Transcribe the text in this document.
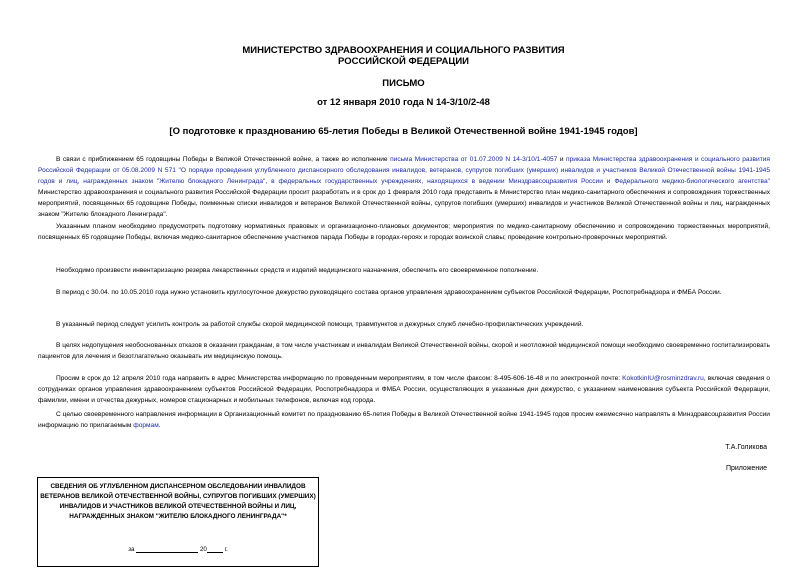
МИНИСТЕРСТВО ЗДРАВООХРАНЕНИЯ И СОЦИАЛЬНОГО РАЗВИТИЯ
РОССИЙСКОЙ ФЕДЕРАЦИИ
ПИСЬМО
от 12 января 2010 года N 14-3/10/2-48
[О подготовке к празднованию 65-летия Победы в Великой Отечественной войне 1941-1945 годов]
В связи с приближением 65 годовщины Победы в Великой Отечественной войне, а также во исполнение письма Министерства от 01.07.2009 N 14-3/10/1-4057 и приказа Министерства здравоохранения и социального развития Российской Федерации от 05.08.2009 N 571 "О порядке проведения углубленного диспансерного обследования инвалидов, ветеранов, супругов погибших (умерших) инвалидов и участников Великой Отечественной войны 1941-1945 годов и лиц, награжденных знаком "Жителю блокадного Ленинграда", в федеральных государственных учреждениях, находящихся в ведении Минздравсоцразвития России и Федерального медико-биологического агентства" Министерство здравоохранения и социального развития Российской Федерации просит разработать и в срок до 1 февраля 2010 года представить в Министерство план медико-санитарного обеспечения и сопровождения торжественных мероприятий, посвященных 65 годовщине Победы, поименные списки инвалидов и ветеранов Великой Отечественной войны, супругов погибших (умерших) инвалидов и участников Великой Отечественной войны и лиц, награжденных знаком "Жителю блокадного Ленинграда".
Указанным планом необходимо предусмотреть подготовку нормативных правовых и организационно-плановых документов; мероприятия по медико-санитарному обеспечению и сопровождению торжественных мероприятий, посвященных 65 годовщине Победы, включая медико-санитарное обеспечение участников парада Победы в городах-героях и городах воинской славы; проведение контрольно-проверочных мероприятий.
Необходимо произвести инвентаризацию резерва лекарственных средств и изделий медицинского назначения, обеспечить его своевременное пополнение.
В период с 30.04. по 10.05.2010 года нужно установить круглосуточное дежурство руководящего состава органов управления здравоохранением субъектов Российской Федерации, Роспотребнадзора и ФМБА России.
В указанный период следует усилить контроль за работой службы скорой медицинской помощи, травмпунктов и дежурных служб лечебно-профилактических учреждений.
В целях недопущения необоснованных отказов в оказании гражданам, в том числе участникам и инвалидам Великой Отечественной войны, скорой и неотложной медицинской помощи необходимо своевременно госпитализировать пациентов для лечения и безотлагательно оказывать им медицинскую помощь.
Просим в срок до 12 апреля 2010 года направить в адрес Министерства информацию по проведенным мероприятиям, в том числе факсом: 8-495-606-16-48 и по электронной почте: KokotkinIU@rosminzdrav.ru, включая сведения о сотрудниках органов управления здравоохранением субъектов Российской Федерации, Роспотребнадзора и ФМБА России, осуществляющих в указанные дни дежурство, с указанием наименования субъекта Российской Федерации, фамилии, имени и отчества дежурных, номеров стационарных и мобильных телефонов, включая код города.
С целью своевременного направления информации в Организационный комитет по празднованию 65-летия Победы в Великой Отечественной войне 1941-1945 годов просим ежемесячно направлять в Минздравсоцразвития России информацию по прилагаемым формам.
Т.А.Голикова
Приложение
СВЕДЕНИЯ ОБ УГЛУБЛЕННОМ ДИСПАНСЕРНОМ ОБСЛЕДОВАНИИ ИНВАЛИДОВ
ВЕТЕРАНОВ ВЕЛИКОЙ ОТЕЧЕСТВЕННОЙ ВОЙНЫ, СУПРУГОВ ПОГИБШИХ (УМЕРШИХ)
ИНВАЛИДОВ И УЧАСТНИКОВ ВЕЛИКОЙ ОТЕЧЕСТВЕННОЙ ВОЙНЫ И ЛИЦ,
НАГРАЖДЕННЫХ ЗНАКОМ "ЖИТЕЛЮ БЛОКАДНОГО ЛЕНИНГРАДА"*
за	20	г.
